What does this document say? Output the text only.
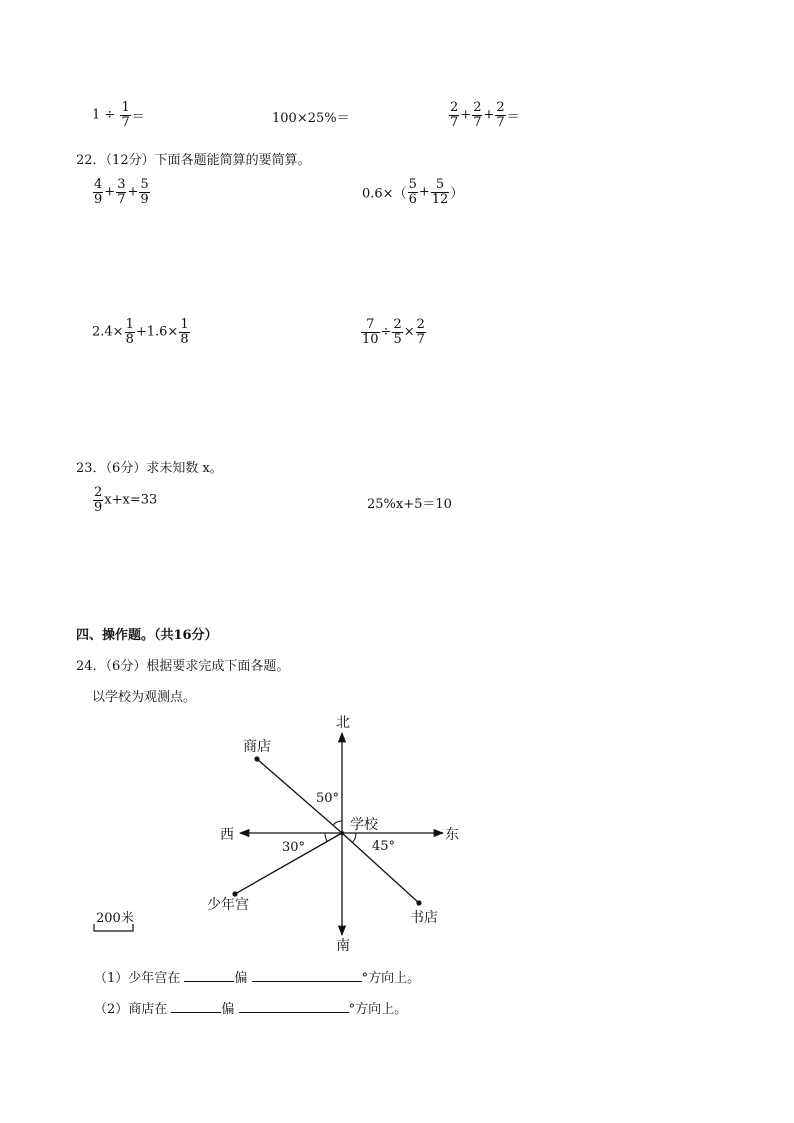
$1 \div \frac{1}{7}$ ＝	100×25%＝	$\frac{2}{7} + \frac{2}{7} + \frac{2}{7}$ ＝
22．（12分）下面各题能简算的要简算。
$\frac{4}{9} + \frac{3}{7} + \frac{5}{9}$	$0.6\times( \frac{5}{6} + \frac{5}{12}$ ）
$2.4\times \frac{1}{8} +1.6\times \frac{1}{8}$	$\frac{7}{10} \div \frac{2}{5} \times \frac{2}{7}$
23．（6分）求未知数 x。
$\frac{2}{9} x+x=33$	25%x+5＝10
四、操作题。（共16分）
24．（6分）根据要求完成下面各题。
以学校为观测点。
北
南
东
西
学校
商店
少年宫
书店
50°
30°	45°
200米
（1）少年宫在	偏	°方向上。
（2）商店在	偏	°方向上。
